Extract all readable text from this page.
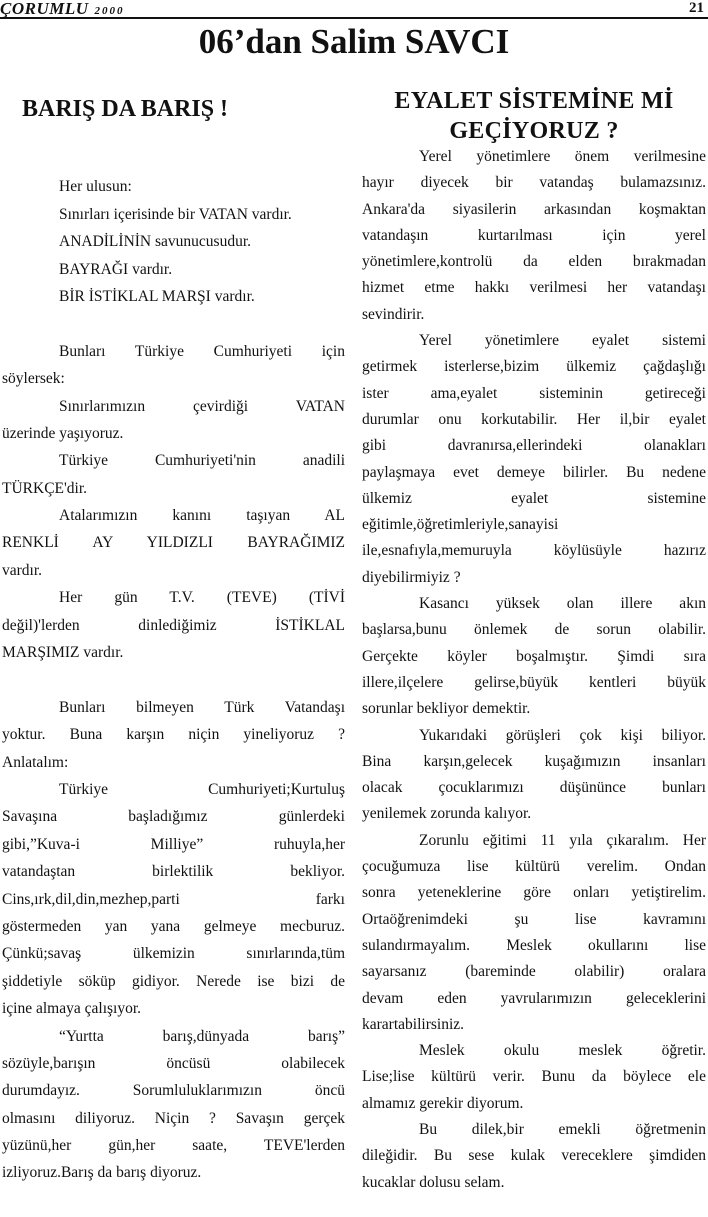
ÇORUMLU 2000	21
06’dan Salim SAVCI
BARIŞ DA BARIŞ !
Her ulusun:
Sınırları içerisinde bir VATAN vardır.
ANADİLİNİN savunucusudur.
BAYRAĞI vardır.
BİR İSTİKLAL MARŞI vardır.
Bunları Türkiye Cumhuriyeti için
söylersek:
Sınırlarımızın çevirdiği VATAN
üzerinde yaşıyoruz.
Türkiye Cumhuriyeti'nin anadili
TÜRKÇE'dir.
Atalarımızın kanını taşıyan AL
RENKLİ AY YILDIZLI BAYRAĞIMIZ
vardır.
Her gün T.V. (TEVE) (TİVİ
değil)'lerden dinlediğimiz İSTİKLAL
MARŞIMIZ vardır.
Bunları bilmeyen Türk Vatandaşı
yoktur. Buna karşın niçin yineliyoruz ?
Anlatalım:
Türkiye Cumhuriyeti;Kurtuluş
Savaşına başladığımız günlerdeki
gibi,”Kuva-i Milliye” ruhuyla,her
vatandaştan birlektilik bekliyor.
Cins,ırk,dil,din,mezhep,parti farkı
göstermeden yan yana gelmeye mecburuz.
Çünkü;savaş ülkemizin sınırlarında,tüm
şiddetiyle söküp gidiyor. Nerede ise bizi de
içine almaya çalışıyor.
“Yurtta barış,dünyada barış”
sözüyle,barışın öncüsü olabilecek
durumdayız. Sorumluluklarımızın öncü
olmasını diliyoruz. Niçin ? Savaşın gerçek
yüzünü,her gün,her saate, TEVE'lerden
izliyoruz.Barış da barış diyoruz.
EYALET SİSTEMİNE Mİ
GEÇİYORUZ ?
Yerel yönetimlere önem verilmesine
hayır diyecek bir vatandaş bulamazsınız.
Ankara'da siyasilerin arkasından koşmaktan
vatandaşın kurtarılması için yerel
yönetimlere,kontrolü da elden bırakmadan
hizmet etme hakkı verilmesi her vatandaşı
sevindirir.
Yerel yönetimlere eyalet sistemi
getirmek isterlerse,bizim ülkemiz çağdaşlığı
ister ama,eyalet sisteminin getireceği
durumlar onu korkutabilir. Her il,bir eyalet
gibi davranırsa,ellerindeki olanakları
paylaşmaya evet demeye bilirler. Bu nedene
ülkemiz eyalet sistemine
eğitimle,öğretimleriyle,sanayisi
ile,esnafıyla,memuruyla köylüsüyle hazırız
diyebilirmiyiz ?
Kasancı yüksek olan illere akın
başlarsa,bunu önlemek de sorun olabilir.
Gerçekte köyler boşalmıştır. Şimdi sıra
illere,ilçelere gelirse,büyük kentleri büyük
sorunlar bekliyor demektir.
Yukarıdaki görüşleri çok kişi biliyor.
Bina karşın,gelecek kuşağımızın insanları
olacak çocuklarımızı düşününce bunları
yenilemek zorunda kalıyor.
Zorunlu eğitimi 11 yıla çıkaralım. Her
çocuğumuza lise kültürü verelim. Ondan
sonra yeteneklerine göre onları yetiştirelim.
Ortaöğrenimdeki şu lise kavramını
sulandırmayalım. Meslek okullarını lise
sayarsanız (bareminde olabilir) oralara
devam eden yavrularımızın geleceklerini
karartabilirsiniz.
Meslek okulu meslek öğretir.
Lise;lise kültürü verir. Bunu da böylece ele
almamız gerekir diyorum.
Bu dilek,bir emekli öğretmenin
dileğidir. Bu sese kulak vereceklere şimdiden
kucaklar dolusu selam.
